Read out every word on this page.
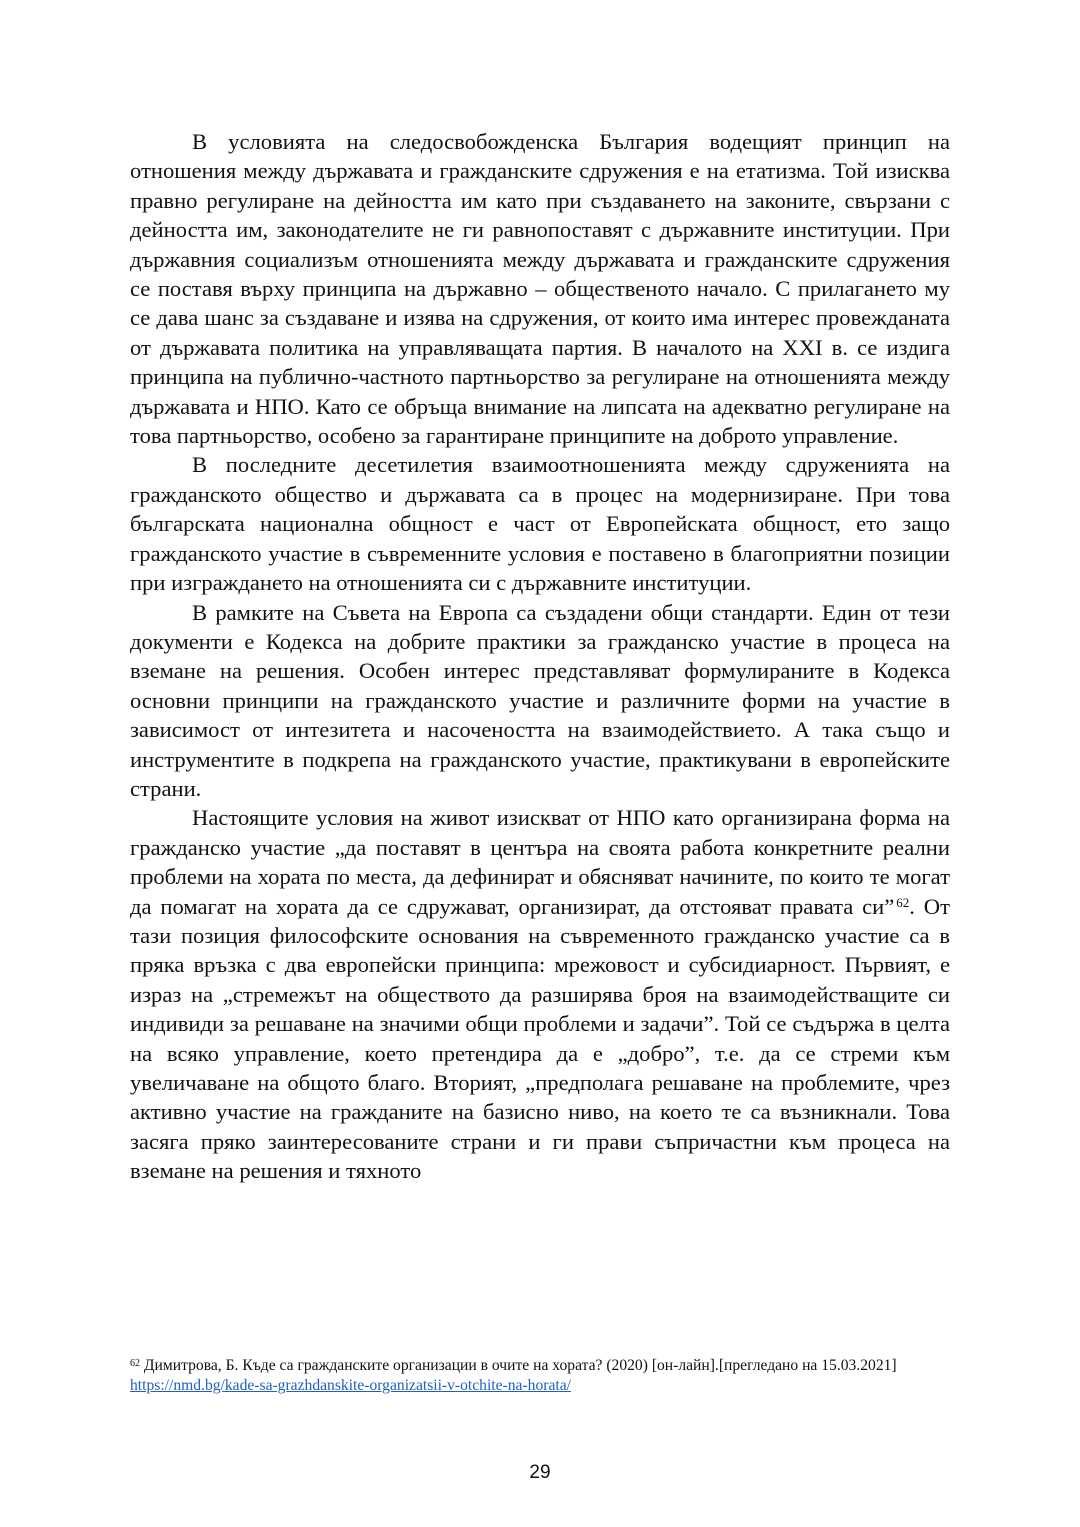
В условията на следосвобожденска България водещият принцип на отношения между държавата и гражданските сдружения е на етатизма. Той изисква правно регулиране на дейността им като при създаването на законите, свързани с дейността им, законодателите не ги равнопоставят с държавните институции. При държавния социализъм отношенията между държавата и гражданските сдружения се поставя върху принципа на държавно – общественото начало. С прилагането му се дава шанс за създаване и изява на сдружения, от които има интерес провежданата от държавата политика на управляващата партия. В началото на XXI в. се издига принципа на публично-частното партньорство за регулиране на отношенията между държавата и НПО. Като се обръща внимание на липсата на адекватно регулиране на това партньорство, особено за гарантиране принципите на доброто управление.

В последните десетилетия взаимоотношенията между сдруженията на гражданското общество и държавата са в процес на модернизиране. При това българската национална общност е част от Европейската общност, ето защо гражданското участие в съвременните условия е поставено в благоприятни позиции при изграждането на отношенията си с държавните институции.

В рамките на Съвета на Европа са създадени общи стандарти. Един от тези документи е Кодекса на добрите практики за гражданско участие в процеса на вземане на решения. Особен интерес представляват формулираните в Кодекса основни принципи на гражданското участие и различните форми на участие в зависимост от интезитета и насочеността на взаимодействието. А така също и инструментите в подкрепа на гражданското участие, практикувани в европейските страни.

Настоящите условия на живот изискват от НПО като организирана форма на гражданско участие „да поставят в центъра на своята работа конкретните реални проблеми на хората по места, да дефинират и обясняват начините, по които те могат да помагат на хората да се сдружават, организират, да отстояват правата си” $^{62}$. От тази позиция философските основания на съвременното гражданско участие са в пряка връзка с два европейски принципа: мрежовост и субсидиарност. Първият, е израз на „стремежът на обществото да разширява броя на взаимодействащите си индивиди за решаване на значими общи проблеми и задачи”. Той се съдържа в целта на всяко управление, което претендира да е „добро”, т.е. да се стреми към увеличаване на общото благо. Вторият, „предполага решаване на проблемите, чрез активно участие на гражданите на базисно ниво, на което те са възникнали. Това засяга пряко заинтересованите страни и ги прави съпричастни към процеса на вземане на решения и тяхното

$^{62}$ Димитрова, Б. Къде са гражданските организации в очите на хората? (2020) [он-лайн].[прегледано на 15.03.2021] https://nmd.bg/kade-sa-grazhdanskite-organizatsii-v-otchite-na-horata/
29
